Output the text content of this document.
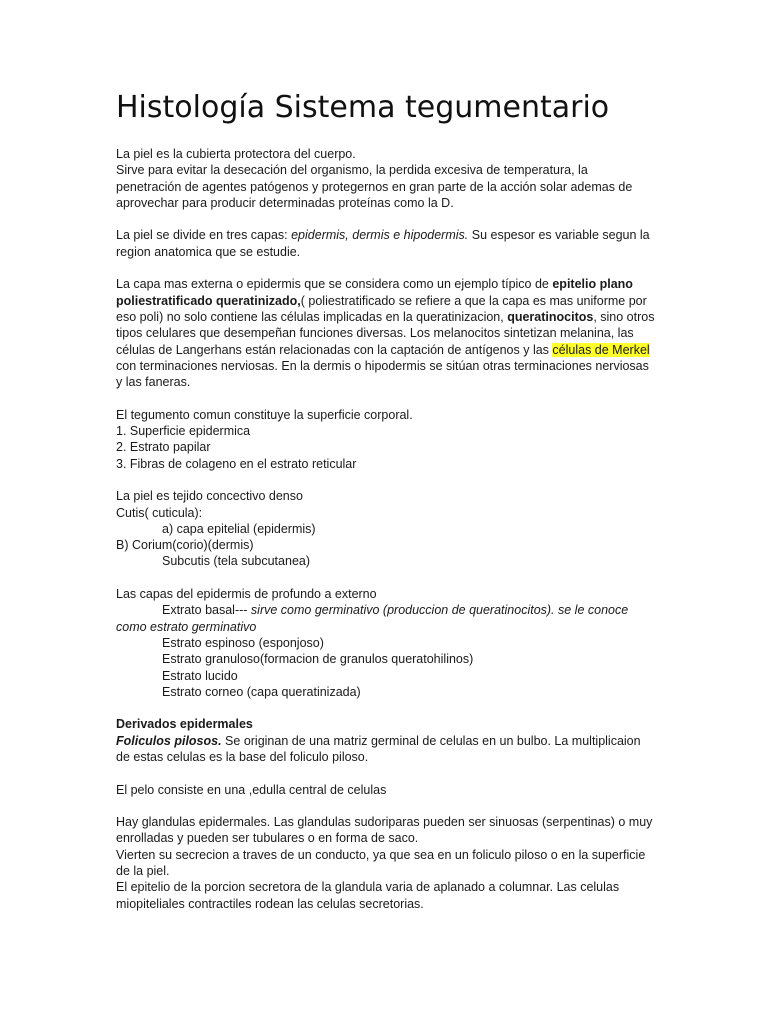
Histología Sistema tegumentario

La piel es la cubierta protectora del cuerpo.

Sirve para evitar la desecación del organismo, la perdida excesiva de temperatura, la penetración de agentes patógenos y protegernos en gran parte de la acción solar ademas de aprovechar para producir determinadas proteínas como la D.

La piel se divide en tres capas: epidermis, dermis e hipodermis. Su espesor es variable segun la region anatomica que se estudie.

La capa mas externa o epidermis que se considera como un ejemplo típico de epitelio plano poliestratificado queratinizado,( poliestratificado se refiere a que la capa es mas uniforme por eso poli) no solo contiene las células implicadas en la queratinizacion, queratinocitos, sino otros tipos celulares que desempeñan funciones diversas. Los melanocitos sintetizan melanina, las células de Langerhans están relacionadas con la captación de antígenos y las células de Merkel con terminaciones nerviosas. En la dermis o hipodermis se sitúan otras terminaciones nerviosas y las faneras.

El tegumento comun constituye la superficie corporal.

1. Superficie epidermica

2. Estrato papilar

3. Fibras de colageno en el estrato reticular

La piel es tejido concectivo denso

Cutis( cuticula):

a) capa epitelial (epidermis)

B) Corium(corio)(dermis)

Subcutis (tela subcutanea)

Las capas del epidermis de profundo a externo

Extrato basal--- sirve como germinativo (produccion de queratinocitos). se le conoce

como estrato germinativo

Estrato espinoso (esponjoso)

Estrato granuloso(formacion de granulos queratohilinos)

Estrato lucido

Estrato corneo (capa queratinizada)

Derivados epidermales

Foliculos pilosos. Se originan de una matriz germinal de celulas en un bulbo. La multiplicaion de estas celulas es la base del foliculo piloso.

El pelo consiste en una ,edulla central de celulas

Hay glandulas epidermales. Las glandulas sudoriparas pueden ser sinuosas (serpentinas) o muy enrolladas y pueden ser tubulares o en forma de saco.

Vierten su secrecion a traves de un conducto, ya que sea en un foliculo piloso o en la superficie de la piel.

El epitelio de la porcion secretora de la glandula varia de aplanado a columnar. Las celulas miopiteliales contractiles rodean las celulas secretorias.
